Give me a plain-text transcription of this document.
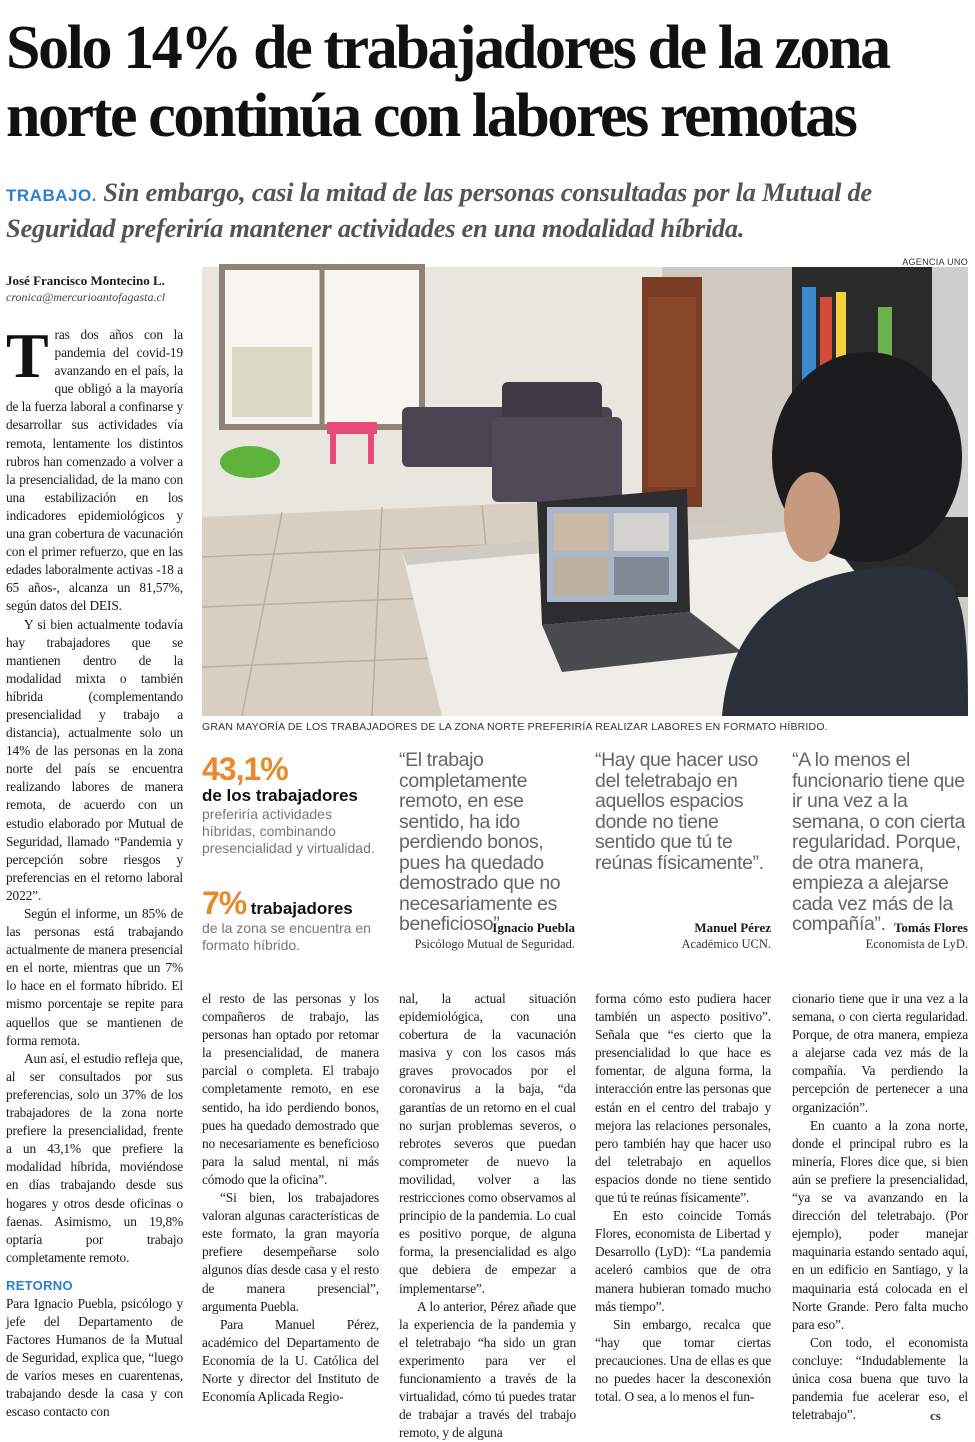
Solo 14% de trabajadores de la zona norte continúa con labores remotas
TRABAJO. Sin embargo, casi la mitad de las personas consultadas por la Mutual de Seguridad preferiría mantener actividades en una modalidad híbrida.
José Francisco Montecino L.
cronica@mercurioantofagasta.cl

Tras dos años con la pandemia del covid-19 avanzando en el país, la que obligó a la mayoría de la fuerza laboral a confinarse y desarrollar sus actividades vía remota, lentamente los distintos rubros han comenzado a volver a la presencialidad, de la mano con una estabilización en los indicadores epidemiológicos y una gran cobertura de vacunación con el primer refuerzo, que en las edades laboralmente activas -18 a 65 años-, alcanza un 81,57%, según datos del DEIS.

Y si bien actualmente todavía hay trabajadores que se mantienen dentro de la modalidad mixta o también híbrida (complementando presencialidad y trabajo a distancia), actualmente solo un 14% de las personas en la zona norte del país se encuentra realizando labores de manera remota, de acuerdo con un estudio elaborado por Mutual de Seguridad, llamado “Pandemia y percepción sobre riesgos y preferencias en el retorno laboral 2022”.

Según el informe, un 85% de las personas está trabajando actualmente de manera presencial en el norte, mientras que un 7% lo hace en el formato híbrido. El mismo porcentaje se repite para aquellos que se mantienen de forma remota.

Aun así, el estudio refleja que, al ser consultados por sus preferencias, solo un 37% de los trabajadores de la zona norte prefiere la presencialidad, frente a un 43,1% que prefiere la modalidad híbrida, moviéndose en días trabajando desde sus hogares y otros desde oficinas o faenas. Asimismo, un 19,8% optaría por trabajo completamente remoto.

RETORNO

Para Ignacio Puebla, psicólogo y jefe del Departamento de Factores Humanos de la Mutual de Seguridad, explica que, “luego de varios meses en cuarentenas, trabajando desde la casa y con escaso contacto con

AGENCIA UNO
GRAN MAYORÍA DE LOS TRABAJADORES DE LA ZONA NORTE PREFERIRÍA REALIZAR LABORES EN FORMATO HÍBRIDO.
43,1%
de los trabajadores
preferiría actividades híbridas, combinando presencialidad y virtualidad.
7% trabajadores
de la zona se encuentra en formato híbrido.
“El trabajo completamente remoto, en ese sentido, ha ido perdiendo bonos, pues ha quedado demostrado que no necesariamente es beneficioso”.
Ignacio Puebla
Psicólogo Mutual de Seguridad.
“Hay que hacer uso del teletrabajo en aquellos espacios donde no tiene sentido que tú te reúnas físicamente”.
Manuel Pérez
Académico UCN.
“A lo menos el funcionario tiene que ir una vez a la semana, o con cierta regularidad. Porque, de otra manera, empieza a alejarse cada vez más de la compañía”. Tomás Flores
Economista de LyD.

el resto de las personas y los compañeros de trabajo, las personas han optado por retomar la presencialidad, de manera parcial o completa. El trabajo completamente remoto, en ese sentido, ha ido perdiendo bonos, pues ha quedado demostrado que no necesariamente es beneficioso para la salud mental, ni más cómodo que la oficina”.

“Si bien, los trabajadores valoran algunas características de este formato, la gran mayoría prefiere desempeñarse solo algunos días desde casa y el resto de manera presencial”, argumenta Puebla.

Para Manuel Pérez, académico del Departamento de Economía de la U. Católica del Norte y director del Instituto de Economía Aplicada Regio-

nal, la actual situación epidemiológica, con una cobertura de la vacunación masiva y con los casos más graves provocados por el coronavirus a la baja, “da garantías de un retorno en el cual no surjan problemas severos, o rebrotes severos que puedan comprometer de nuevo la movilidad, volver a las restricciones como observamos al principio de la pandemia. Lo cual es positivo porque, de alguna forma, la presencialidad es algo que debiera de empezar a implementarse”.

A lo anterior, Pérez añade que la experiencia de la pandemia y el teletrabajo “ha sido un gran experimento para ver el funcionamiento a través de la virtualidad, cómo tú puedes tratar de trabajar a través del trabajo remoto, y de alguna

forma cómo esto pudiera hacer también un aspecto positivo”. Señala que “es cierto que la presencialidad lo que hace es fomentar, de alguna forma, la interacción entre las personas que están en el centro del trabajo y mejora las relaciones personales, pero también hay que hacer uso del teletrabajo en aquellos espacios donde no tiene sentido que tú te reúnas físicamente”.

En esto coincide Tomás Flores, economista de Libertad y Desarrollo (LyD): “La pandemia aceleró cambios que de otra manera hubieran tomado mucho más tiempo”.

Sin embargo, recalca que “hay que tomar ciertas precauciones. Una de ellas es que no puedes hacer la desconexión total. O sea, a lo menos el fun-

cionario tiene que ir una vez a la semana, o con cierta regularidad. Porque, de otra manera, empieza a alejarse cada vez más de la compañía. Va perdiendo la percepción de pertenecer a una organización”.

En cuanto a la zona norte, donde el principal rubro es la minería, Flores dice que, si bien aún se prefiere la presencialidad, “ya se va avanzando en la dirección del teletrabajo. (Por ejemplo), poder manejar maquinaria estando sentado aquí, en un edificio en Santiago, y la maquinaria está colocada en el Norte Grande. Pero falta mucho para eso”.

Con todo, el economista concluye: “Indudablemente la única cosa buena que tuvo la pandemia fue acelerar eso, el teletrabajo”.	cs
